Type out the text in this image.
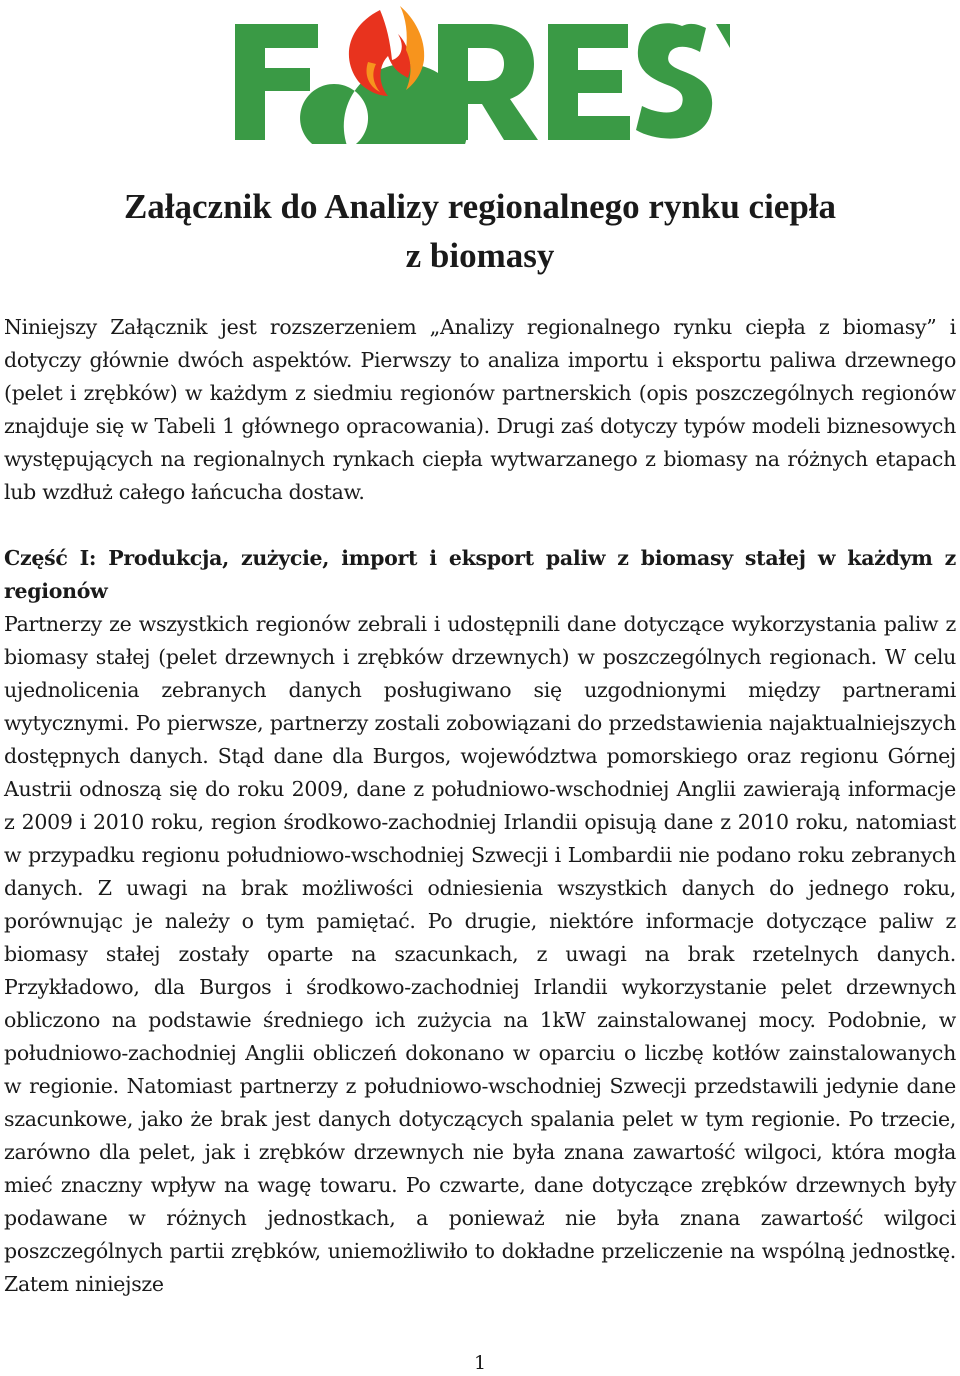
Załącznik do Analizy regionalnego rynku ciepła
z biomasy

Niniejszy Załącznik jest rozszerzeniem „Analizy regionalnego rynku ciepła z biomasy” i dotyczy głównie dwóch aspektów. Pierwszy to analiza importu i eksportu paliwa drzewnego (pelet i zrębków) w każdym z siedmiu regionów partnerskich (opis poszczególnych regionów znajduje się w Tabeli 1 głównego opracowania). Drugi zaś dotyczy typów modeli biznesowych występujących na regionalnych rynkach ciepła wytwarzanego z biomasy na różnych etapach lub wzdłuż całego łańcucha dostaw.

Część I: Produkcja, zużycie, import i eksport paliw z biomasy stałej w każdym z regionów

Partnerzy ze wszystkich regionów zebrali i udostępnili dane dotyczące wykorzystania paliw z biomasy stałej (pelet drzewnych i zrębków drzewnych) w poszczególnych regionach. W celu ujednolicenia zebranych danych posługiwano się uzgodnionymi między partnerami wytycznymi. Po pierwsze, partnerzy zostali zobowiązani do przedstawienia najaktualniejszych dostępnych danych. Stąd dane dla Burgos, województwa pomorskiego oraz regionu Górnej Austrii odnoszą się do roku 2009, dane z południowo-wschodniej Anglii zawierają informacje z 2009 i 2010 roku, region środkowo-zachodniej Irlandii opisują dane z 2010 roku, natomiast w przypadku regionu południowo-wschodniej Szwecji i Lombardii nie podano roku zebranych danych. Z uwagi na brak możliwości odniesienia wszystkich danych do jednego roku, porównując je należy o tym pamiętać. Po drugie, niektóre informacje dotyczące paliw z biomasy stałej zostały oparte na szacunkach, z uwagi na brak rzetelnych danych. Przykładowo, dla Burgos i środkowo-zachodniej Irlandii wykorzystanie pelet drzewnych obliczono na podstawie średniego ich zużycia na 1kW zainstalowanej mocy. Podobnie, w południowo-zachodniej Anglii obliczeń dokonano w oparciu o liczbę kotłów zainstalowanych w regionie. Natomiast partnerzy z południowo-wschodniej Szwecji przedstawili jedynie dane szacunkowe, jako że brak jest danych dotyczących spalania pelet w tym regionie. Po trzecie, zarówno dla pelet, jak i zrębków drzewnych nie była znana zawartość wilgoci, która mogła mieć znaczny wpływ na wagę towaru. Po czwarte, dane dotyczące zrębków drzewnych były podawane w różnych jednostkach, a ponieważ nie była znana zawartość wilgoci poszczególnych partii zrębków, uniemożliwiło to dokładne przeliczenie na wspólną jednostkę. Zatem niniejsze

1
